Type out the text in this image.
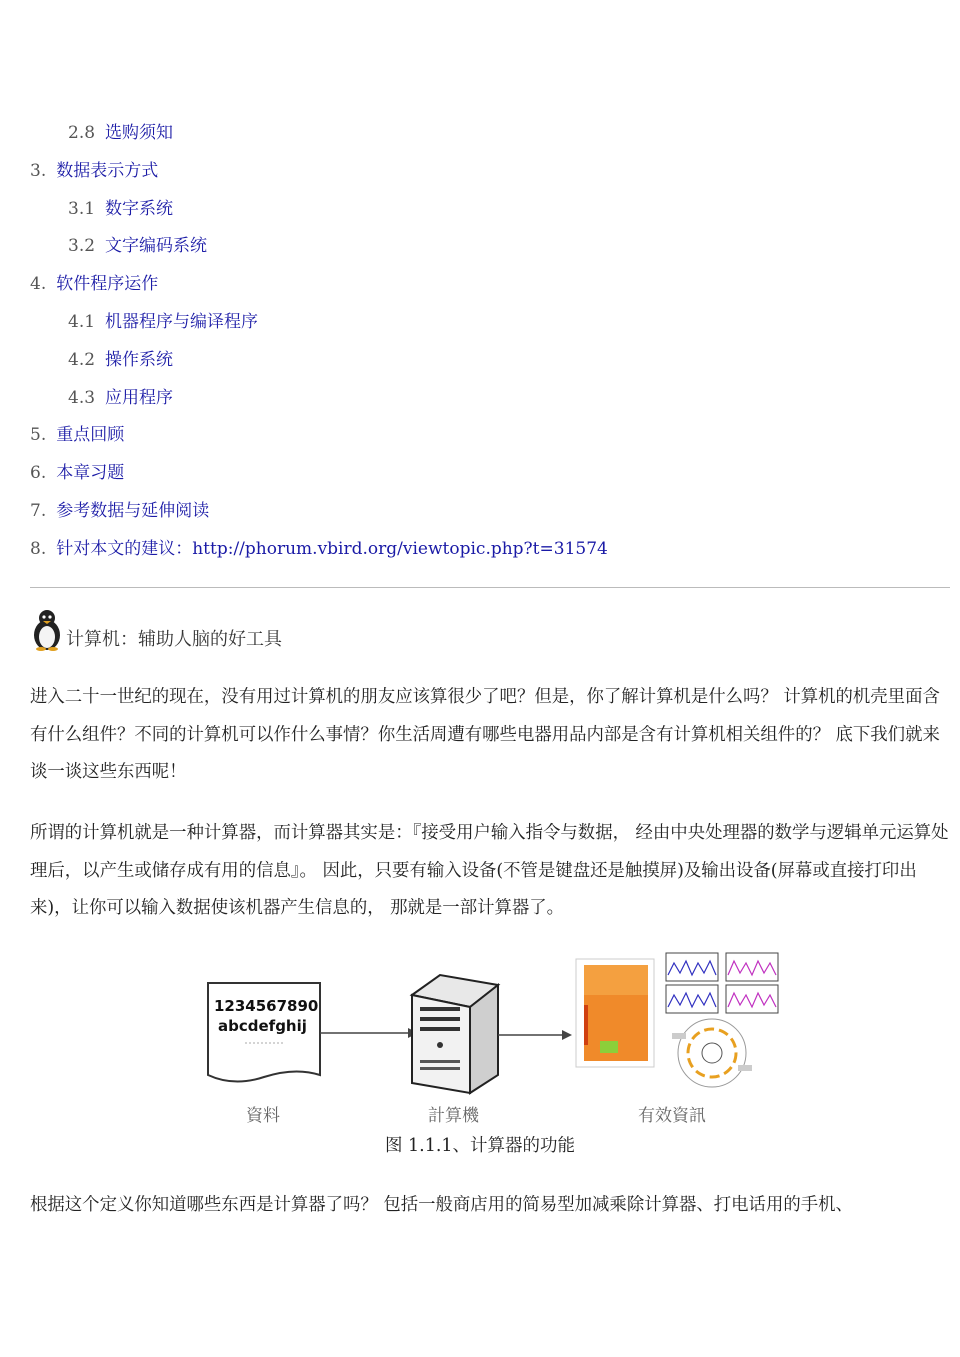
2.8 选购须知
3. 数据表示方式
3.1 数字系统
3.2 文字编码系统
4. 软件程序运作
4.1 机器程序与编译程序
4.2 操作系统
4.3 应用程序
5. 重点回顾
6. 本章习题
7. 参考数据与延伸阅读
8. 针对本文的建议：http://phorum.vbird.org/viewtopic.php?t=31574
计算机：辅助人脑的好工具
进入二十一世纪的现在，没有用过计算机的朋友应该算很少了吧？但是，你了解计算机是什么吗？ 计算机的机壳里面含有什么组件？不同的计算机可以作什么事情？你生活周遭有哪些电器用品内部是含有计算机相关组件的？ 底下我们就来谈一谈这些东西呢！
所谓的计算机就是一种计算器，而计算器其实是：『接受用户输入指令与数据， 经由中央处理器的数学与逻辑单元运算处理后，以产生或储存成有用的信息』。 因此，只要有输入设备(不管是键盘还是触摸屏)及输出设备(屏幕或直接打印出来)，让你可以输入数据使该机器产生信息的， 那就是一部计算器了。
1234567890
abcdefghij
資料	計算機	有效資訊
图 1.1.1、计算器的功能
根据这个定义你知道哪些东西是计算器了吗？ 包括一般商店用的简易型加减乘除计算器、打电话用的手机、
